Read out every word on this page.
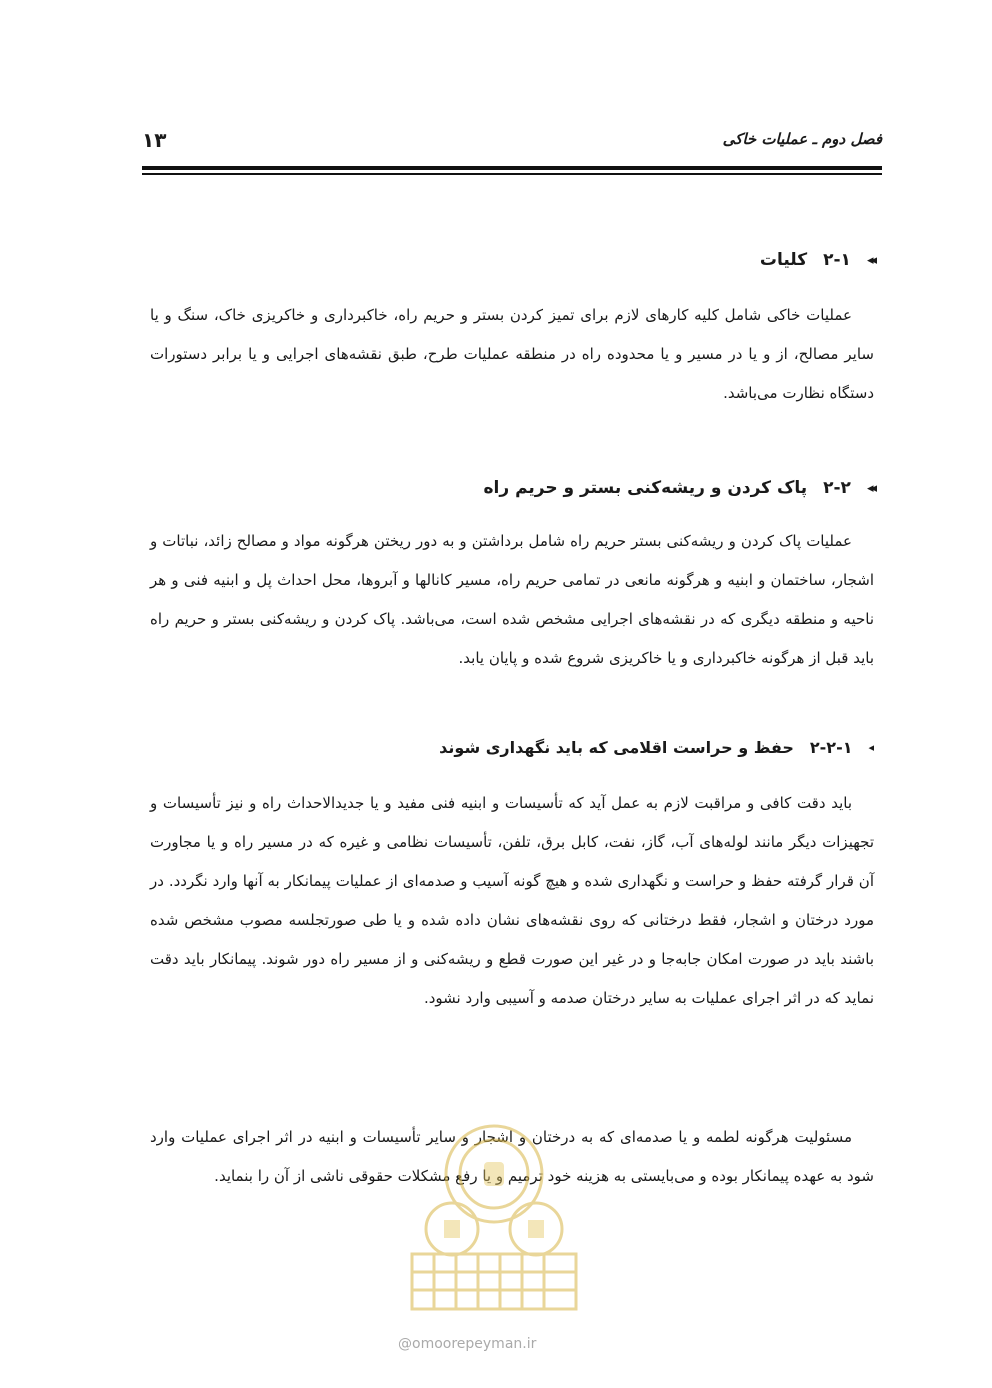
فصل دوم ـ عملیات خاکی
۱۳
◂◂
۲-۱
کلیات

عملیات خاکی شامل کلیه کارهای لازم برای تمیز کردن بستر و حریم راه، خاکبرداری و خاکریزی خاک، سنگ و یا سایر مصالح، از و یا در مسیر و یا محدوده راه در منطقه عملیات طرح، طبق نقشه‌های اجرایی و یا برابر دستورات دستگاه نظارت می‌باشد.

◂◂
۲-۲
پاک کردن و ریشه‌کنی بستر و حریم راه

عملیات پاک کردن و ریشه‌کنی بستر حریم راه شامل برداشتن و به دور ریختن هرگونه مواد و مصالح زائد، نباتات و اشجار، ساختمان و ابنیه و هرگونه مانعی در تمامی حریم راه، مسیر کانالها و آبروها، محل احداث پل و ابنیه فنی و هر ناحیه و منطقه دیگری که در نقشه‌های اجرایی مشخص شده است، می‌باشد. پاک کردن و ریشه‌کنی بستر و حریم راه باید قبل از هرگونه خاکبرداری و یا خاکریزی شروع شده و پایان یابد.

◂
۲-۲-۱
حفظ و حراست اقلامی که باید نگهداری شوند

باید دقت کافی و مراقبت لازم به عمل آید که تأسیسات و ابنیه فنی مفید و یا جدیدالاحداث راه و نیز تأسیسات و تجهیزات دیگر مانند لوله‌های آب، گاز، نفت، کابل برق، تلفن، تأسیسات نظامی و غیره که در مسیر راه و یا مجاورت آن قرار گرفته حفظ و حراست و نگهداری شده و هیچ گونه آسیب و صدمه‌ای از عملیات پیمانکار به آنها وارد نگردد. در مورد درختان و اشجار، فقط درختانی که روی نقشه‌های نشان داده شده و یا طی صورتجلسه مصوب مشخص شده باشند باید در صورت امکان جابه‌جا و در غیر این صورت قطع و ریشه‌کنی و از مسیر راه دور شوند. پیمانکار باید دقت نماید که در اثر اجرای عملیات به سایر درختان صدمه و آسیبی وارد نشود.

مسئولیت هرگونه لطمه و یا صدمه‌ای که به درختان و اشجار و سایر تأسیسات و ابنیه در اثر اجرای عملیات وارد شود به عهده پیمانکار بوده و می‌بایستی به هزینه خود ترمیم و یا رفع مشکلات حقوقی ناشی از آن را بنماید.

@omoorepeyman.ir
